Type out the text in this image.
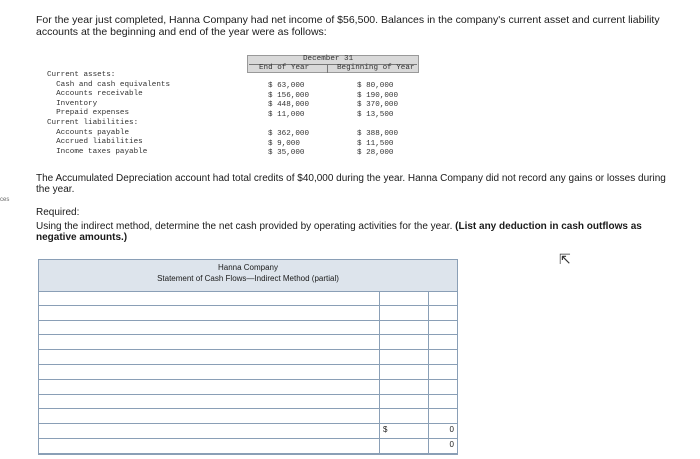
For the year just completed, Hanna Company had net income of $56,500. Balances in the company's current asset and current liability accounts at the beginning and end of the year were as follows:

ces
December 31
End of Year	Beginning of Year
Current assets:
Cash and cash equivalents
Accounts receivable
Inventory
Prepaid expenses
Current liabilities:
Accounts payable
Accrued liabilities
Income taxes payable
$ 63,000
$ 156,000
$ 448,000
$ 11,000

$ 362,000
$ 9,000
$ 35,000
$ 80,000
$ 190,000
$ 370,000
$ 13,500

$ 388,000
$ 11,500
$ 28,000

The Accumulated Depreciation account had total credits of $40,000 during the year. Hanna Company did not record any gains or losses during the year.

Required:

Using the indirect method, determine the net cash provided by operating activities for the year. (List any deduction in cash outflows as negative amounts.)

⇱
Hanna Company
Statement of Cash Flows—Indirect Method (partial)
$	0
0
